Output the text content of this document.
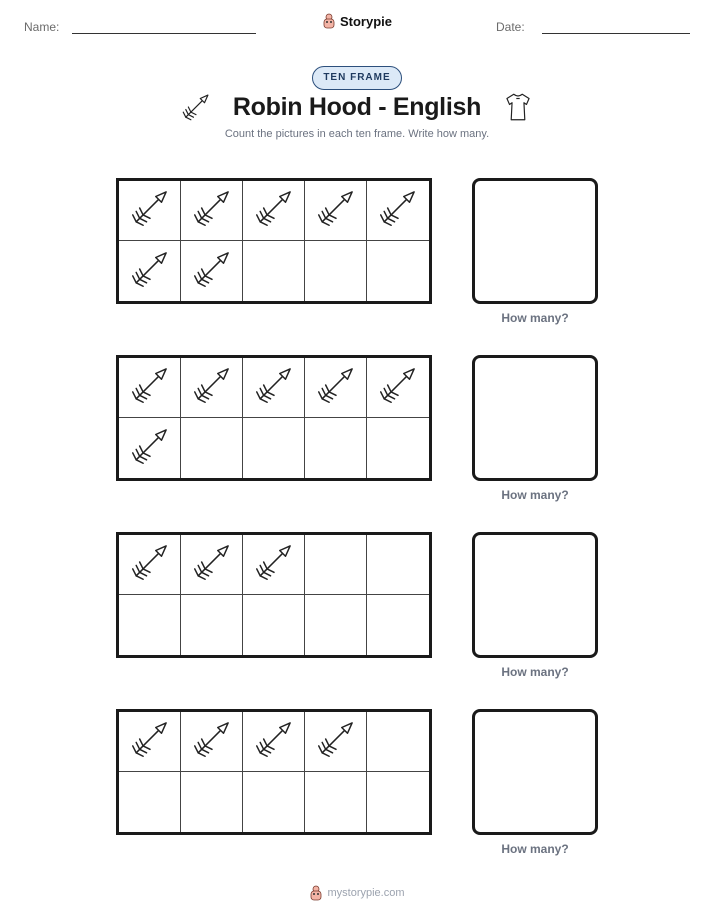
Name:	Storypie	Date:
TEN FRAME
Robin Hood - English
Count the pictures in each ten frame. Write how many.
How many?
How many?
How many?
How many?
mystorypie.com
